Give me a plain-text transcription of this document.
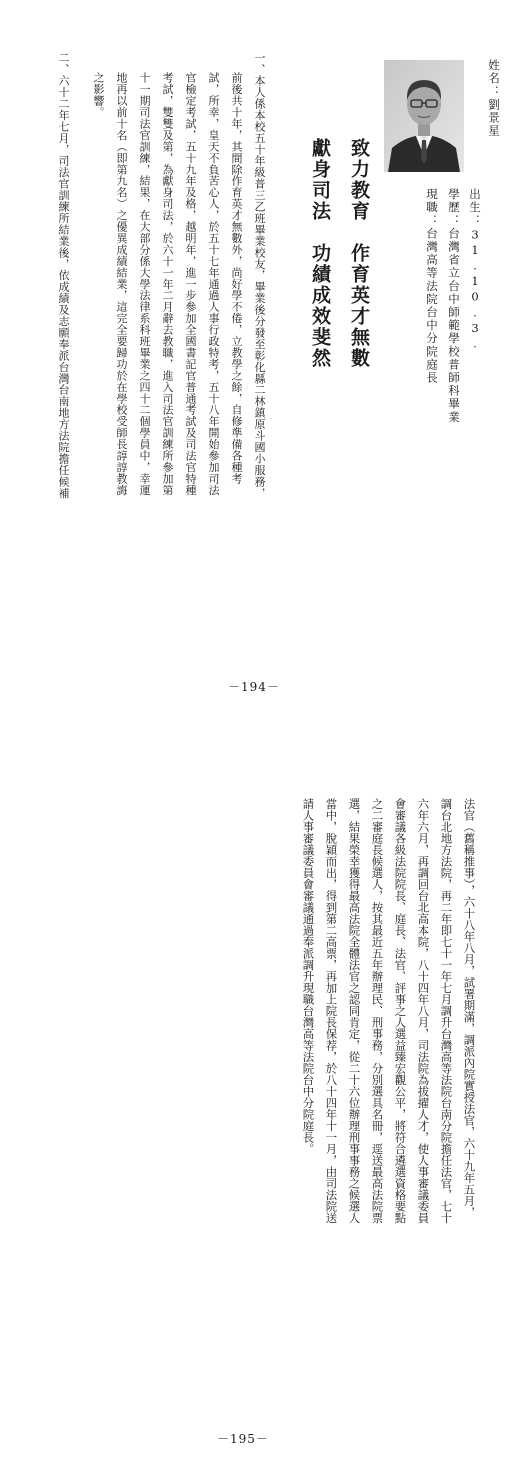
姓名：劉景星
出生：31.10.3.
學歷：台灣省立台中師範學校普師科畢業
現職：台灣高等法院台中分院庭長
致力教育　作育英才無數
獻身司法　功績成效斐然
一、本人係本校五十年級普三乙班畢業校友，畢業後分發至彰化縣二林鎮原斗國小服務，
前後共十年，其間除作育英才無數外，尚好學不倦，立教學之餘，自修準備各種考
試，所幸，皇天不負苦心人，於五十七年通過人事行政特考，五十八年開始參加司法
官檢定考試，五十九年及格，越明年，進一步參加全國書記官普通考試及司法官特種
考試，雙雙及第，為獻身司法，於六十一年二月辭去教職，進入司法官訓練所參加第
十一期司法官訓練，結果，在大部分係大學法律系科班畢業之四十二個學員中，幸運
地再以前十名（即第九名）之優異成績結業，這完全要歸功於在學校受師長諄諄教誨
之影響。
二、六十二年七月，司法官訓練所結業後，依成績及志願奉派台灣台南地方法院擔任候補
－194－
法官（舊稱推事），六十八年八月，試署期滿，調派內院實授法官，六十九年五月，
調台北地方法院，再二年即七十一年七月調升台灣高等法院台南分院擔任法官，七十
六年六月，再調回台北高本院，八十四年八月，司法院為拔擢人才，使人事審議委員
會審議各級法院院長、庭長、法官、評事之人選益臻宏觀公平，將符合遴選資格要點
之二審庭長候選人，按其最近五年辦理民、刑事務，分別選具名冊，逕送最高法院票
選，結果榮幸獲得最高法院全體法官之認同肯定，從二十六位辦理刑事事務之候選人
當中，脫穎而出，得到第二高票，再加上院長保荐，於八十四年十一月，由司法院送
請人事審議委員會審議通過奉派調升現職台灣高等法院台中分院庭長。
－195－
